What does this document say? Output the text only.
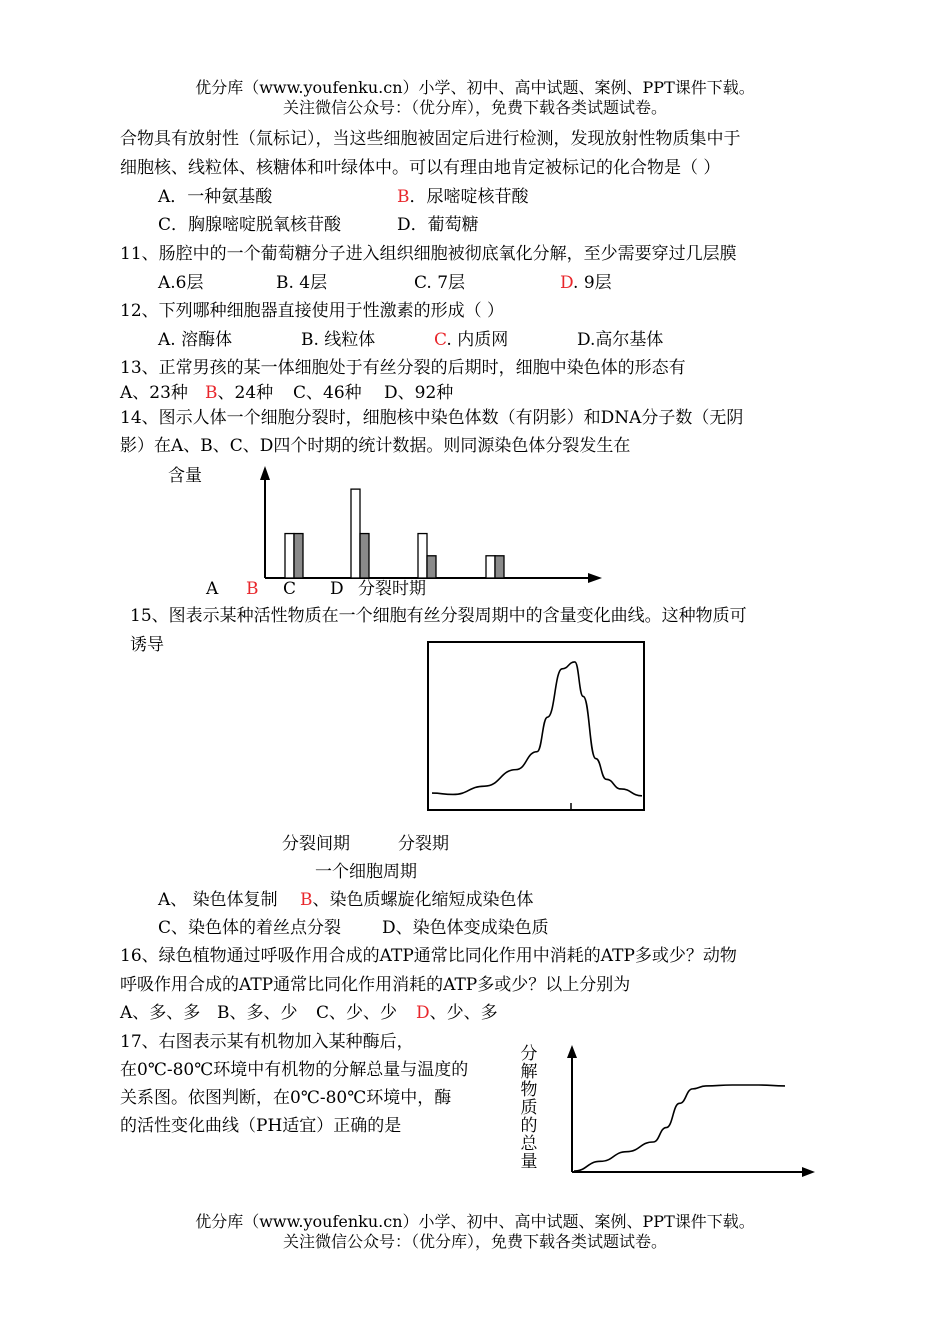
优分库（www.youfenku.cn）小学、初中、高中试题、案例、PPT课件下载。
关注微信公众号：（优分库），免费下载各类试题试卷。
合物具有放射性（氚标记），当这些细胞被固定后进行检测，发现放射性物质集中于
细胞核、线粒体、核糖体和叶绿体中。可以有理由地肯定被标记的化合物是（ ）
A．一种氨基酸	B．尿嘧啶核苷酸
C．胸腺嘧啶脱氧核苷酸	D．葡萄糖
11、肠腔中的一个葡萄糖分子进入组织细胞被彻底氧化分解，至少需要穿过几层膜
A.6层	B. 4层	C. 7层	D. 9层
12、下列哪种细胞器直接使用于性激素的形成（ ）
A. 溶酶体	B. 线粒体	C. 内质网	D.高尔基体
13、正常男孩的某一体细胞处于有丝分裂的后期时，细胞中染色体的形态有
A、23种 B、24种 C、46种 D、92种
14、图示人体一个细胞分裂时，细胞核中染色体数（有阴影）和DNA分子数（无阴
影）在A、B、C、D四个时期的统计数据。则同源染色体分裂发生在
含量
A B C D 分裂时期
15、图表示某种活性物质在一个细胞有丝分裂周期中的含量变化曲线。这种物质可
诱导
分裂间期	分裂期
一个细胞周期
A、 染色体复制 B、染色质螺旋化缩短成染色体
C、染色体的着丝点分裂 D、染色体变成染色质
16、绿色植物通过呼吸作用合成的ATP通常比同化作用中消耗的ATP多或少？动物
呼吸作用合成的ATP通常比同化作用消耗的ATP多或少？以上分别为
A、多、多 B、多、少 C、少、少 D、少、多
17、右图表示某有机物加入某种酶后，
在0℃-80℃环境中有机物的分解总量与温度的
关系图。依图判断，在0℃-80℃环境中，酶
的活性变化曲线（PH适宜）正确的是
分
解
物
质
的
总
量
优分库（www.youfenku.cn）小学、初中、高中试题、案例、PPT课件下载。
关注微信公众号：（优分库），免费下载各类试题试卷。
